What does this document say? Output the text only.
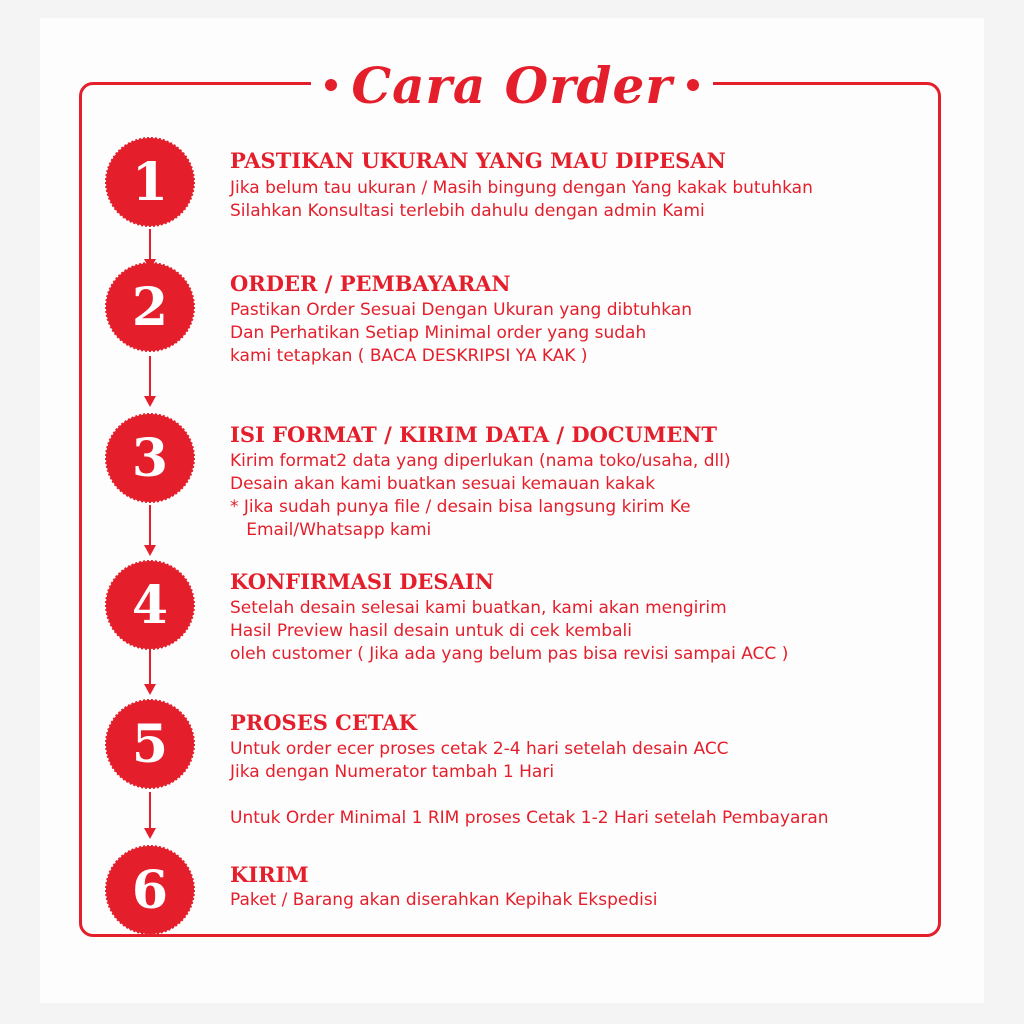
Cara Order
1	PASTIKAN UKURAN YANG MAU DIPESAN
Jika belum tau ukuran / Masih bingung dengan Yang kakak butuhkan
Silahkan Konsultasi terlebih dahulu dengan admin Kami
2	ORDER / PEMBAYARAN
Pastikan Order Sesuai Dengan Ukuran yang dibtuhkan
Dan Perhatikan Setiap Minimal order yang sudah
kami tetapkan ( BACA DESKRIPSI YA KAK )
3	ISI FORMAT / KIRIM DATA / DOCUMENT
Kirim format2 data yang diperlukan (nama toko/usaha, dll)
Desain akan kami buatkan sesuai kemauan kakak
* Jika sudah punya file / desain bisa langsung kirim Ke
Email/Whatsapp kami
4	KONFIRMASI DESAIN
Setelah desain selesai kami buatkan, kami akan mengirim
Hasil Preview hasil desain untuk di cek kembali
oleh customer ( Jika ada yang belum pas bisa revisi sampai ACC )
5	PROSES CETAK
Untuk order ecer proses cetak 2-4 hari setelah desain ACC
Jika dengan Numerator tambah 1 Hari
Untuk Order Minimal 1 RIM proses Cetak 1-2 Hari setelah Pembayaran
6	KIRIM
Paket / Barang akan diserahkan Kepihak Ekspedisi
